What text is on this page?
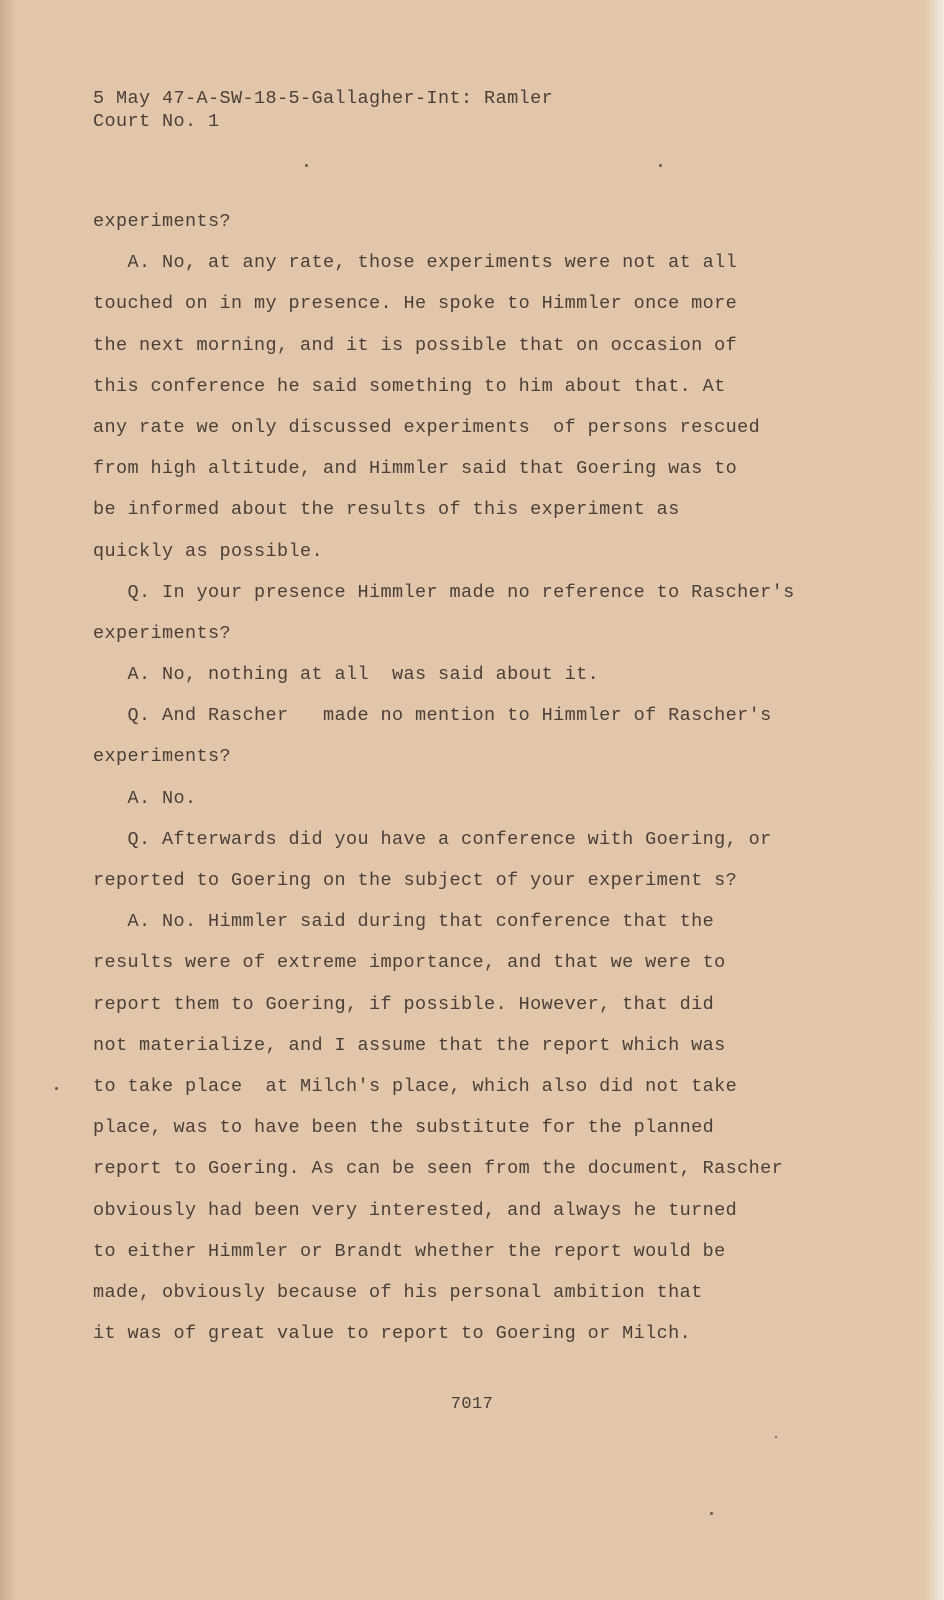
5 May 47-A-SW-18-5-Gallagher-Int: Ramler

Court No. 1

experiments?

A. No, at any rate, those experiments were not at all

touched on in my presence. He spoke to Himmler once more

the next morning, and it is possible that on occasion of

this conference he said something to him about that. At

any rate we only discussed experiments  of persons rescued

from high altitude, and Himmler said that Goering was to

be informed about the results of this experiment as

quickly as possible.

Q. In your presence Himmler made no reference to Rascher's

experiments?

A. No, nothing at all  was said about it.

Q. And Rascher   made no mention to Himmler of Rascher's

experiments?

A. No.

Q. Afterwards did you have a conference with Goering, or

reported to Goering on the subject of your experiment s?

A. No. Himmler said during that conference that the

results were of extreme importance, and that we were to

report them to Goering, if possible. However, that did

not materialize, and I assume that the report which was

to take place  at Milch's place, which also did not take

place, was to have been the substitute for the planned

report to Goering. As can be seen from the document, Rascher

obviously had been very interested, and always he turned

to either Himmler or Brandt whether the report would be

made, obviously because of his personal ambition that

it was of great value to report to Goering or Milch.

7017
